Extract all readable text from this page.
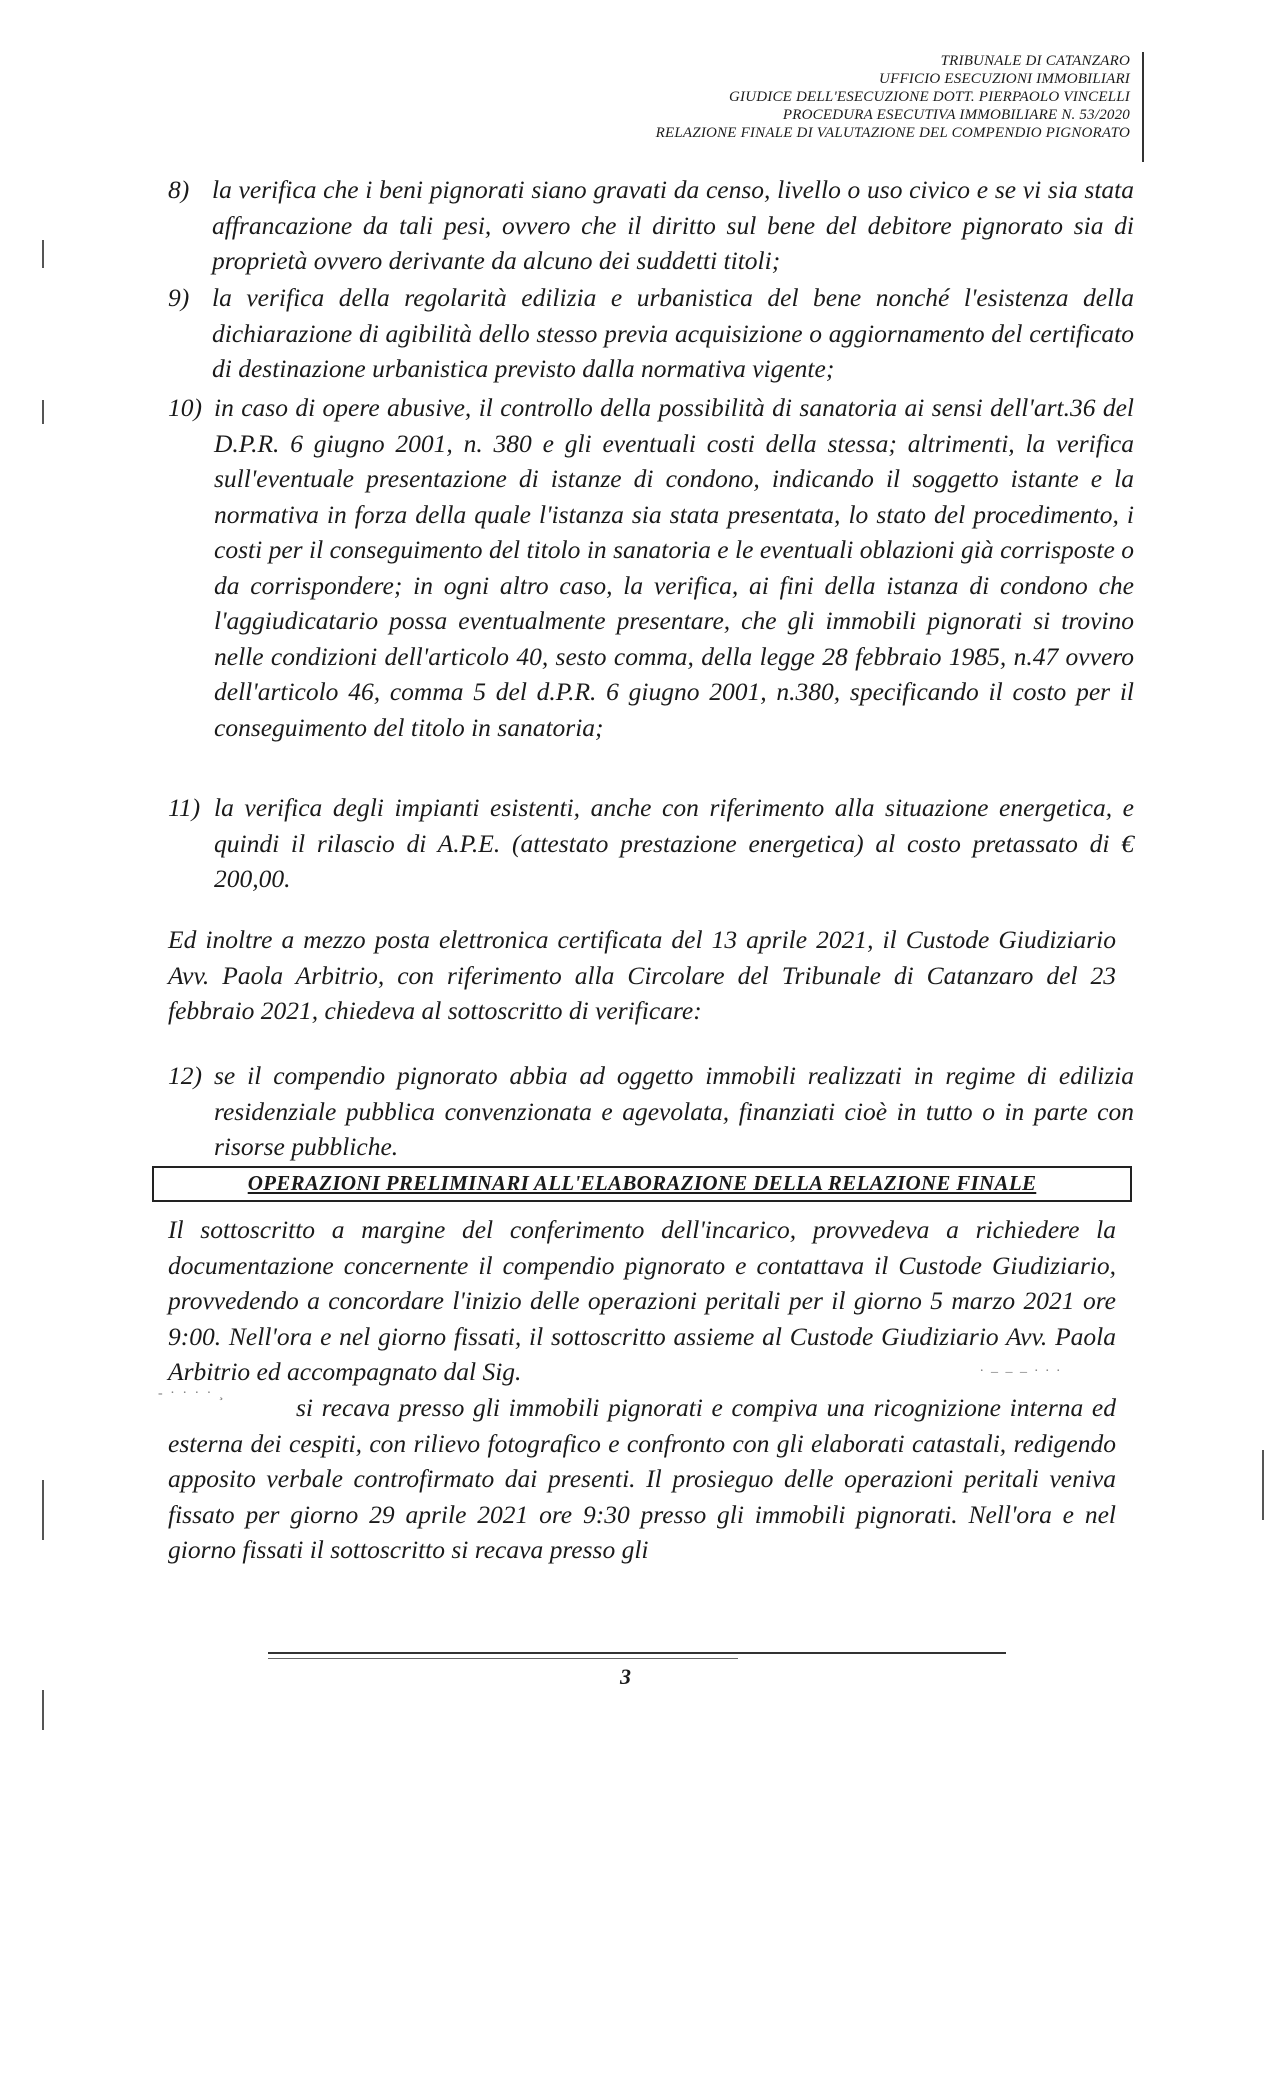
TRIBUNALE DI CATANZARO
UFFICIO ESECUZIONI IMMOBILIARI
GIUDICE DELL'ESECUZIONE DOTT. PIERPAOLO VINCELLI
PROCEDURA ESECUTIVA IMMOBILIARE N. 53/2020
RELAZIONE FINALE DI VALUTAZIONE DEL COMPENDIO PIGNORATO
8) la verifica che i beni pignorati siano gravati da censo, livello o uso civico e se vi sia stata affrancazione da tali pesi, ovvero che il diritto sul bene del debitore pignorato sia di proprietà ovvero derivante da alcuno dei suddetti titoli;
9) la verifica della regolarità edilizia e urbanistica del bene nonché l'esistenza della dichiarazione di agibilità dello stesso previa acquisizione o aggiornamento del certificato di destinazione urbanistica previsto dalla normativa vigente;
10) in caso di opere abusive, il controllo della possibilità di sanatoria ai sensi dell'art.36 del D.P.R. 6 giugno 2001, n. 380 e gli eventuali costi della stessa; altrimenti, la verifica sull'eventuale presentazione di istanze di condono, indicando il soggetto istante e la normativa in forza della quale l'istanza sia stata presentata, lo stato del procedimento, i costi per il conseguimento del titolo in sanatoria e le eventuali oblazioni già corrisposte o da corrispondere; in ogni altro caso, la verifica, ai fini della istanza di condono che l'aggiudicatario possa eventualmente presentare, che gli immobili pignorati si trovino nelle condizioni dell'articolo 40, sesto comma, della legge 28 febbraio 1985, n.47 ovvero dell'articolo 46, comma 5 del d.P.R. 6 giugno 2001, n.380, specificando il costo per il conseguimento del titolo in sanatoria;
11) la verifica degli impianti esistenti, anche con riferimento alla situazione energetica, e quindi il rilascio di A.P.E. (attestato prestazione energetica) al costo pretassato di € 200,00.
Ed inoltre a mezzo posta elettronica certificata del 13 aprile 2021, il Custode Giudiziario Avv. Paola Arbitrio, con riferimento alla Circolare del Tribunale di Catanzaro del 23 febbraio 2021, chiedeva al sottoscritto di verificare:
12) se il compendio pignorato abbia ad oggetto immobili realizzati in regime di edilizia residenziale pubblica convenzionata e agevolata, finanziati cioè in tutto o in parte con risorse pubbliche.
OPERAZIONI PRELIMINARI ALL'ELABORAZIONE DELLA RELAZIONE FINALE
Il sottoscritto a margine del conferimento dell'incarico, provvedeva a richiedere la documentazione concernente il compendio pignorato e contattava il Custode Giudiziario, provvedendo a concordare l'inizio delle operazioni peritali per il giorno 5 marzo 2021 ore 9:00. Nell'ora e nel giorno fissati, il sottoscritto assieme al Custode Giudiziario Avv. Paola Arbitrio ed accompagnato dal Sig.
si recava presso gli immobili pignorati e compiva una ricognizione interna ed esterna dei cespiti, con rilievo fotografico e confronto con gli elaborati catastali, redigendo apposito verbale controfirmato dai presenti. Il prosieguo delle operazioni peritali veniva fissato per giorno 29 aprile 2021 ore 9:30 presso gli immobili pignorati. Nell'ora e nel giorno fissati il sottoscritto si recava presso gli
3
- · · · · ¸
. _ _ _ . . .
